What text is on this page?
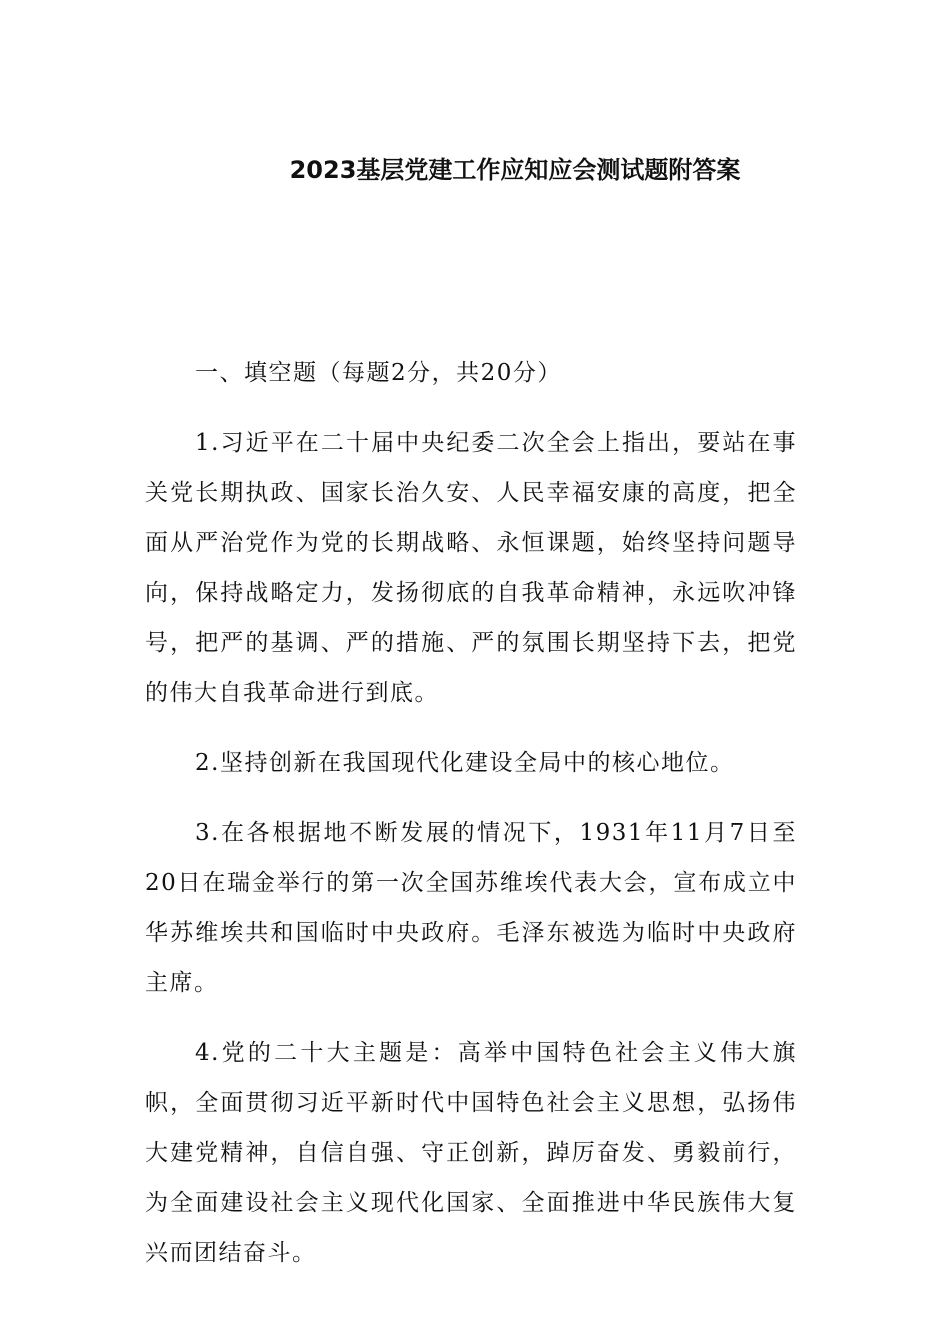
2023基层党建工作应知应会测试题附答案

一、填空题（每题2分，共20分）

1.习近平在二十届中央纪委二次全会上指出，要站在事关党长期执政、国家长治久安、人民幸福安康的高度，把全面从严治党作为党的长期战略、永恒课题，始终坚持问题导向，保持战略定力，发扬彻底的自我革命精神，永远吹冲锋号，把严的基调、严的措施、严的氛围长期坚持下去，把党的伟大自我革命进行到底。

2.坚持创新在我国现代化建设全局中的核心地位。

3.在各根据地不断发展的情况下，1931年11月7日至20日在瑞金举行的第一次全国苏维埃代表大会，宣布成立中华苏维埃共和国临时中央政府。毛泽东被选为临时中央政府主席。

4.党的二十大主题是：高举中国特色社会主义伟大旗帜，全面贯彻习近平新时代中国特色社会主义思想，弘扬伟大建党精神，自信自强、守正创新，踔厉奋发、勇毅前行，为全面建设社会主义现代化国家、全面推进中华民族伟大复兴而团结奋斗。
